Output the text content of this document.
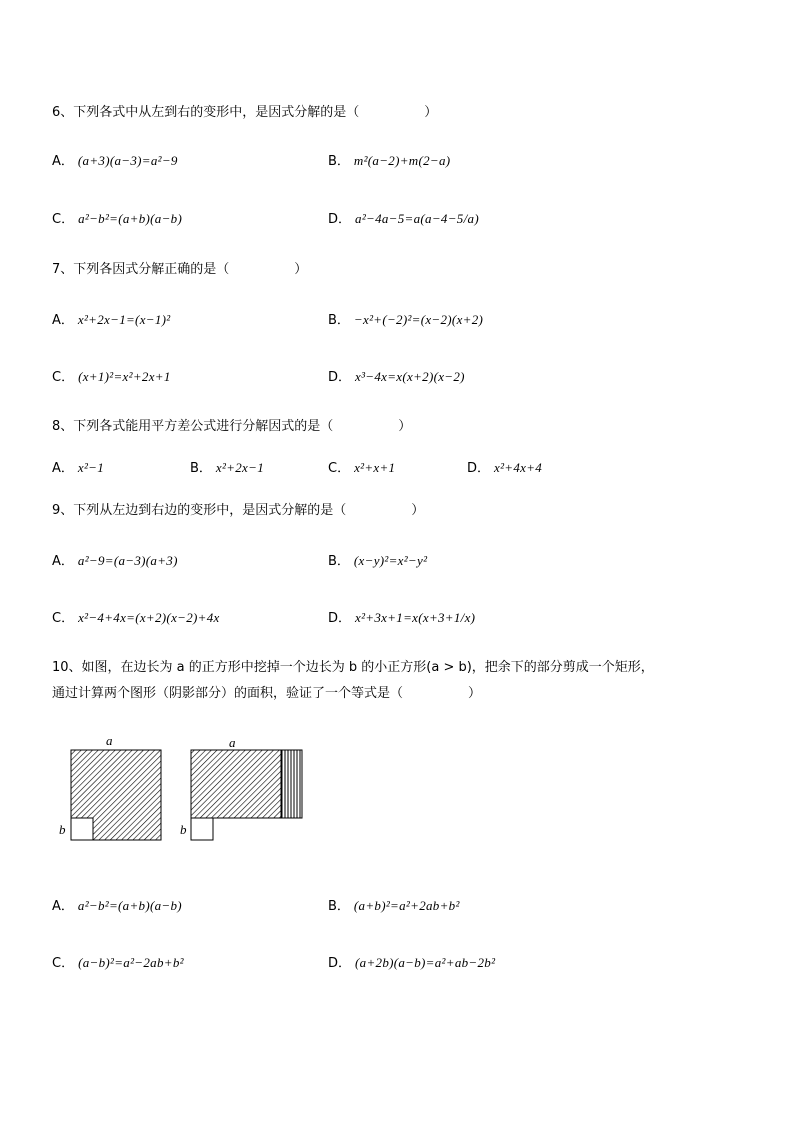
6、下列各式中从左到右的变形中，是因式分解的是（　　　　　）
A． (a+3)(a−3)=a²−9	B． m²(a−2)+m(2−a)
C． a²−b²=(a+b)(a−b)	D． a²−4a−5=a(a−4−5/a)
7、下列各因式分解正确的是（　　　　　）
A． x²+2x−1=(x−1)²	B． −x²+(−2)²=(x−2)(x+2)
C． (x+1)²=x²+2x+1	D． x³−4x=x(x+2)(x−2)
8、下列各式能用平方差公式进行分解因式的是（　　　　　）
A． x²−1	B． x²+2x−1	C． x²+x+1	D． x²+4x+4
9、下列从左边到右边的变形中，是因式分解的是（　　　　　）
A． a²−9=(a−3)(a+3)	B． (x−y)²=x²−y²
C． x²−4+4x=(x+2)(x−2)+4x	D． x²+3x+1=x(x+3+1/x)
10、如图，在边长为 a 的正方形中挖掉一个边长为 b 的小正方形(a > b)，把余下的部分剪成一个矩形，
通过计算两个图形（阴影部分）的面积，验证了一个等式是（　　　　　）
a
b
a
b
A． a²−b²=(a+b)(a−b)	B． (a+b)²=a²+2ab+b²
C． (a−b)²=a²−2ab+b²	D． (a+2b)(a−b)=a²+ab−2b²
